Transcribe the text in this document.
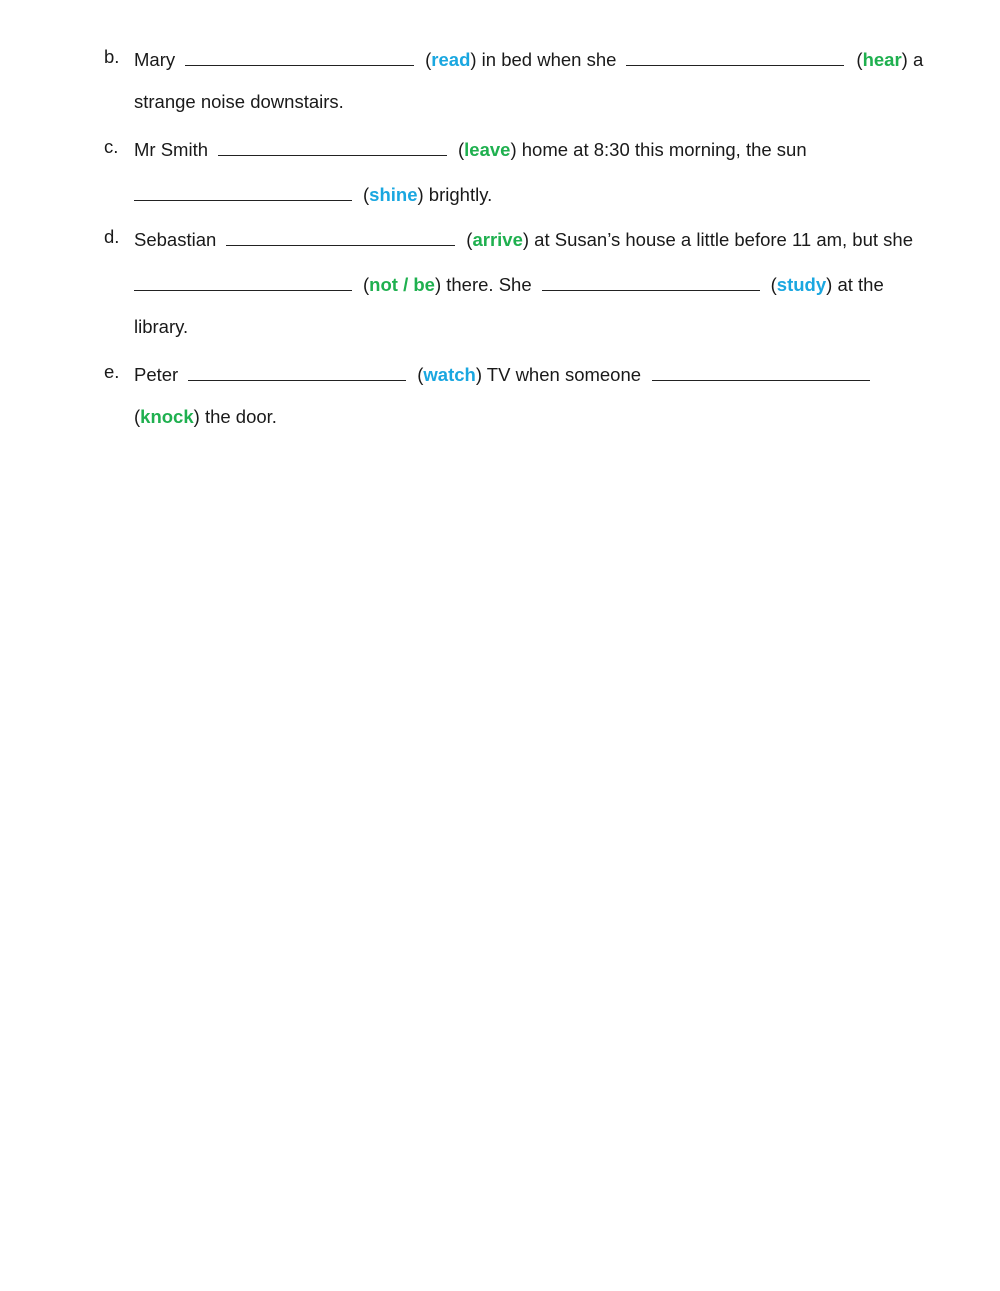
b. Mary	(read) in bed when she	(hear) a
strange noise downstairs.
c. Mr Smith	(leave) home at 8:30 this morning, the sun
(shine) brightly.
d. Sebastian	(arrive) at Susan’s house a little before 11 am, but she
(not / be) there. She	(study) at the
library.
e. Peter	(watch) TV when someone
(knock) the door.
